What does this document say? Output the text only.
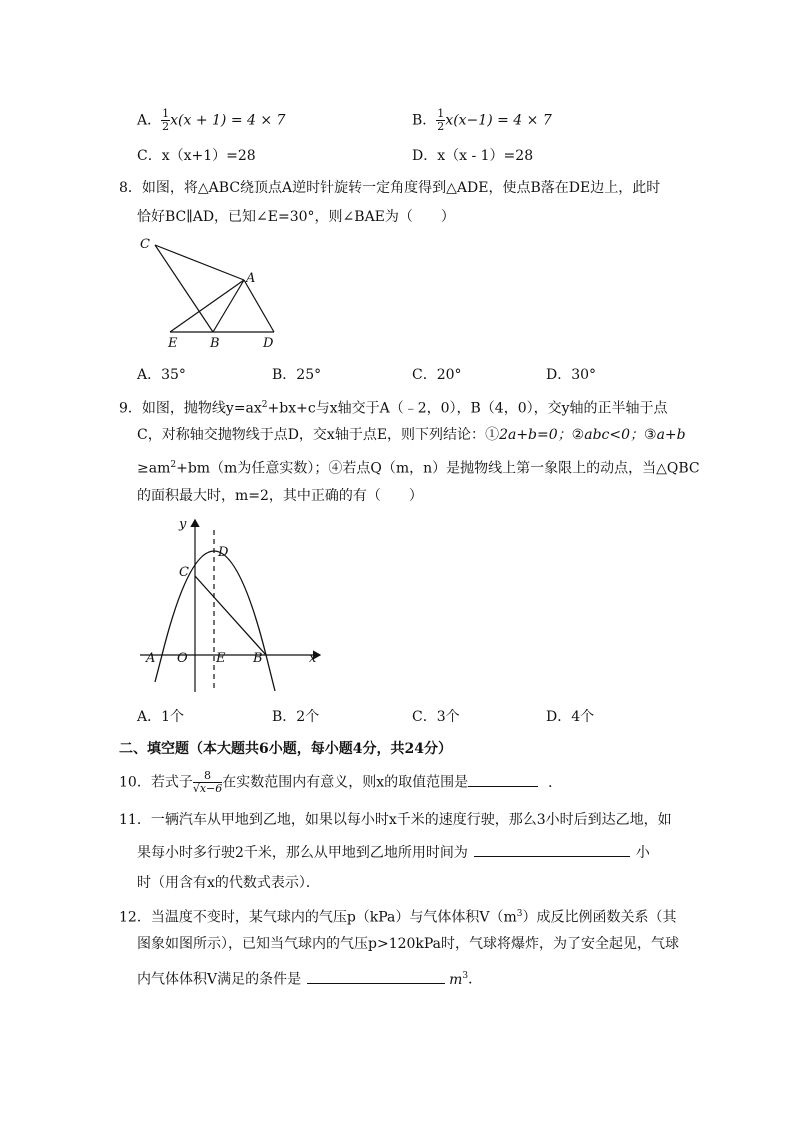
A． $\frac{1}{2} x(x + 1) = 4 \times 7$	B． $\frac{1}{2} x(x-1) = 4 \times 7$
C．x（x+1）=28	D．x（x - 1）=28
8．如图，将△ABC绕顶点A逆时针旋转一定角度得到△ADE，使点B落在DE边上，此时
恰好BC∥AD，已知∠E=30°，则∠BAE为（　　）
C
A
E	B	D
A．35°	B．25°	C．20°	D．30°
9．如图，抛物线$y=ax^2+bx+c$与x轴交于A（﹣2，0），B（4，0），交y轴的正半轴于点
C，对称轴交抛物线于点D，交x轴于点E，则下列结论：①2a+b=0；②abc<0；③a+b
$\ge am^2+bm(m$为任意实数）；④若点Q（m，n）是抛物线上第一象限上的动点，当△QBC
的面积最大时，m=2，其中正确的有（　　）
y
x
C
D
A O E B
A．1个	B．2个	C．3个	D．4个
二、填空题（本大题共6小题，每小题4分，共24分）
10．若式子 $\frac{8}{√x-6}$ 在实数范围内有意义，则x的取值范围是	．
11．一辆汽车从甲地到乙地，如果以每小时x千米的速度行驶，那么3小时后到达乙地，如
果每小时多行驶2千米，那么从甲地到乙地所用时间为	小
时（用含有x的代数式表示）．
12．当温度不变时，某气球内的气压p（kPa）与气体体积$V(m^3)$成反比例函数关系（其
图象如图所示），已知当气球内的气压p>120kPa时，气球将爆炸，为了安全起见，气球
内气体体积V满足的条件是	$m^3$．
